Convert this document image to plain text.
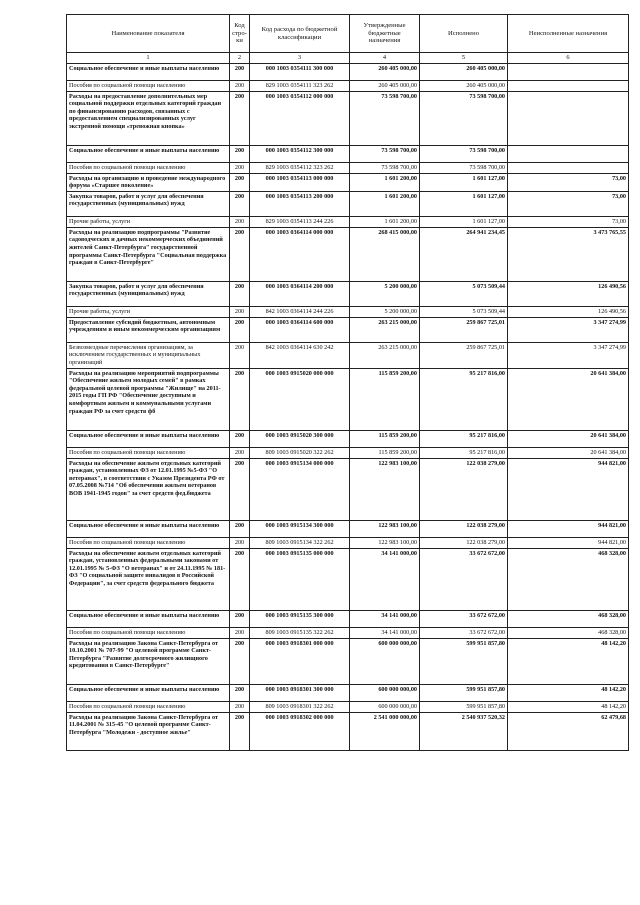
Наименование показателя	Код стро-ки	Код расхода по бюджетной классификации	Утвержденные бюджетные назначения	Исполнено	Неисполненные назначения
1	2	3	4	5	6
Социальное обеспечение и иные выплаты населению	200	000 1003 0354111 300 000	260 405 000,00	260 405 000,00	
Пособия по социальной помощи населению	200	829 1003 0354111 323 262	260 405 000,00	260 405 000,00	
Расходы на предоставление дополнительных мер социальной поддержки отдельных категорий граждан по финансированию расходов, связанных с предоставлением специализированных услуг экстренной помощи «тревожная кнопка»	200	000 1003 0354112 000 000	73 598 700,00	73 598 700,00	
Социальное обеспечение и иные выплаты населению	200	000 1003 0354112 300 000	73 598 700,00	73 598 700,00	
Пособия по социальной помощи населению	200	829 1003 0354112 323 262	73 598 700,00	73 598 700,00	
Расходы на организацию и проведение международного форума «Старшее поколение»	200	000 1003 0354113 000 000	1 601 200,00	1 601 127,00	73,00
Закупка товаров, работ и услуг для обеспечения государственных (муниципальных) нужд	200	000 1003 0354113 200 000	1 601 200,00	1 601 127,00	73,00
Прочие работы, услуги	200	829 1003 0354113 244 226	1 601 200,00	1 601 127,00	73,00
Расходы на реализацию подпрограммы "Развитие садоводческих и дачных некоммерческих объединений жителей Санкт-Петербурга" государственной программы Санкт-Петербурга "Социальная поддержка граждан в Санкт-Петербурге"	200	000 1003 0364114 000 000	268 415 000,00	264 941 234,45	3 473 765,55
Закупка товаров, работ и услуг для обеспечения государственных (муниципальных) нужд	200	000 1003 0364114 200 000	5 200 000,00	5 073 509,44	126 490,56
Прочие работы, услуги	200	842 1003 0364114 244 226	5 200 000,00	5 073 509,44	126 490,56
Предоставление субсидий бюджетным, автономным учреждениям и иным некоммерческим организациям	200	000 1003 0364114 600 000	263 215 000,00	259 867 725,01	3 347 274,99
Безвозмездные перечисления организациям, за исключением государственных и муниципальных организаций	200	842 1003 0364114 630 242	263 215 000,00	259 867 725,01	3 347 274,99
Расходы на реализацию мероприятий подпрограммы "Обеспечение жильем молодых семей" в рамках федеральной целевой программы "Жилище" на 2011-2015 годы ГП РФ "Обеспечение доступным и комфортным жильем и коммунальными услугами граждан РФ за счет средств фб	200	000 1003 0915020 000 000	115 859 200,00	95 217 816,00	20 641 384,00
Социальное обеспечение и иные выплаты населению	200	000 1003 0915020 300 000	115 859 200,00	95 217 816,00	20 641 384,00
Пособия по социальной помощи населению	200	809 1003 0915020 322 262	115 859 200,00	95 217 816,00	20 641 384,00
Расходы на обеспечение жильем отдельных категорий граждан, установленных ФЗ от 12.01.1995 №5-ФЗ "О ветеранах", в соответствии с Указом Президента РФ от 07.05.2008 №714 "Об обеспечении жильем ветеранов ВОВ 1941-1945 годов" за счет средств фед.бюджета	200	000 1003 0915134 000 000	122 983 100,00	122 038 279,00	944 821,00
Социальное обеспечение и иные выплаты населению	200	000 1003 0915134 300 000	122 983 100,00	122 038 279,00	944 821,00
Пособия по социальной помощи населению	200	809 1003 0915134 322 262	122 983 100,00	122 038 279,00	944 821,00
Расходы на обеспечение жильем отдельных категорий граждан, установленных федеральными законами от 12.01.1995 № 5-ФЗ "О ветеранах" и от 24.11.1995 № 181-ФЗ "О социальной защите инвалидов в Российской Федерации", за счет средств федерального бюджета	200	000 1003 0915135 000 000	34 141 000,00	33 672 672,00	468 328,00
Социальное обеспечение и иные выплаты населению	200	000 1003 0915135 300 000	34 141 000,00	33 672 672,00	468 328,00
Пособия по социальной помощи населению	200	809 1003 0915135 322 262	34 141 000,00	33 672 672,00	468 328,00
Расходы на реализацию Закона Санкт-Петербурга от 10.10.2001 № 707-99 "О целевой программе Санкт-Петербурга "Развитие долгосрочного жилищного кредитования в Санкт-Петербурге"	200	000 1003 0918301 000 000	600 000 000,00	599 951 857,80	48 142,20
Социальное обеспечение и иные выплаты населению	200	000 1003 0918301 300 000	600 000 000,00	599 951 857,80	48 142,20
Пособия по социальной помощи населению	200	809 1003 0918301 322 262	600 000 000,00	599 951 857,80	48 142,20
Расходы на реализацию Закона Санкт-Петербурга от 11.04.2001 № 315-45 "О целевой программе Санкт-Петербурга "Молодежи - доступное жилье"	200	000 1003 0918302 000 000	2 541 000 000,00	2 540 937 520,32	62 479,68
